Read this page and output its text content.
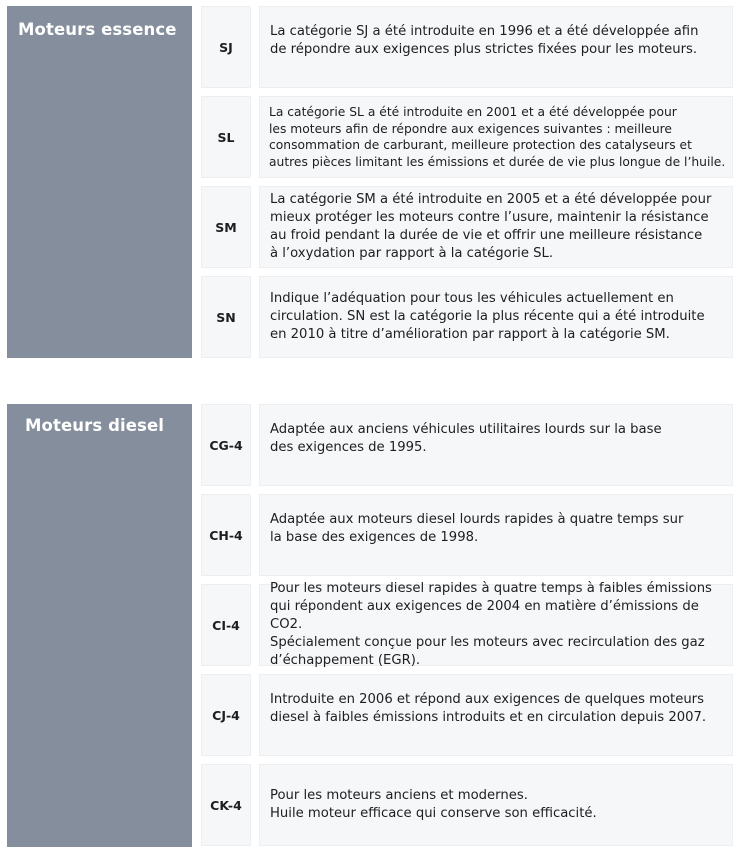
Moteurs essence
SJ

La catégorie SJ a été introduite en 1996 et a été développée afin
de répondre aux exigences plus strictes fixées pour les moteurs.

SL

La catégorie SL a été introduite en 2001 et a été développée pour
les moteurs afin de répondre aux exigences suivantes : meilleure
consommation de carburant, meilleure protection des catalyseurs et
autres pièces limitant les émissions et durée de vie plus longue de l’huile.

SM

La catégorie SM a été introduite en 2005 et a été développée pour
mieux protéger les moteurs contre l’usure, maintenir la résistance
au froid pendant la durée de vie et offrir une meilleure résistance
à l’oxydation par rapport à la catégorie SL.

SN

Indique l’adéquation pour tous les véhicules actuellement en
circulation. SN est la catégorie la plus récente qui a été introduite
en 2010 à titre d’amélioration par rapport à la catégorie SM.

Moteurs diesel
CG-4

Adaptée aux anciens véhicules utilitaires lourds sur la base
des exigences de 1995.

CH-4

Adaptée aux moteurs diesel lourds rapides à quatre temps sur
la base des exigences de 1998.

CI-4

Pour les moteurs diesel rapides à quatre temps à faibles émissions
qui répondent aux exigences de 2004 en matière d’émissions de CO2.
Spécialement conçue pour les moteurs avec recirculation des gaz
d’échappement (EGR).

CJ-4

Introduite en 2006 et répond aux exigences de quelques moteurs
diesel à faibles émissions introduits et en circulation depuis 2007.

CK-4

Pour les moteurs anciens et modernes.
Huile moteur efficace qui conserve son efficacité.
